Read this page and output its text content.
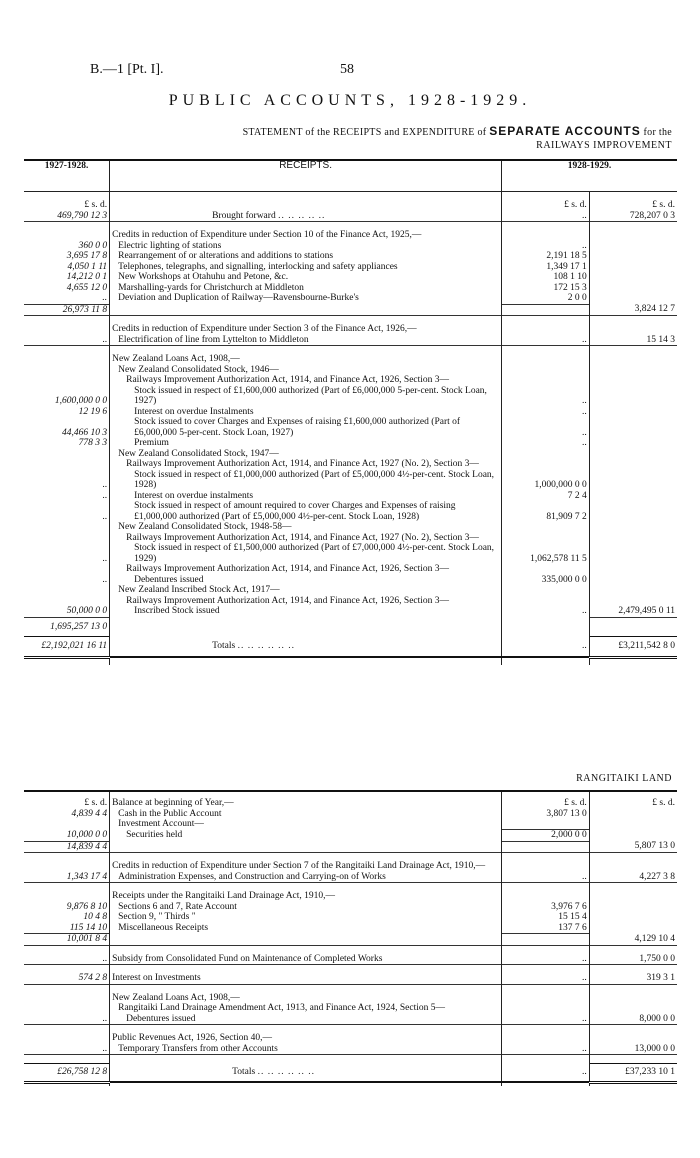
B.—1 [Pt. I].	58
PUBLIC ACCOUNTS, 1928-1929.
STATEMENT of the RECEIPTS and EXPENDITURE of SEPARATE ACCOUNTS for the
RAILWAYS IMPROVEMENT
1927-1928.	RECEIPTS.	1928-1929.	

£ s. d.		£ s. d.	£ s. d.
469,790 12 3	Brought forward .. .. .. .. ..	..	728,207 0 3

	Credits in reduction of Expenditure under Section 10 of the Finance Act, 1925,—		
360 0 0	Electric lighting of stations	..	
3,695 17 8	Rearrangement of or alterations and additions to stations	2,191 18 5	
4,050 1 11	Telephones, telegraphs, and signalling, interlocking and safety appliances	1,349 17 1	
14,212 0 1	New Workshops at Otahuhu and Petone, &c.	108 1 10	
4,655 12 0	Marshalling-yards for Christchurch at Middleton	172 15 3	
..	Deviation and Duplication of Railway—Ravensbourne-Burke's	2 0 0	
26,973 11 8			3,824 12 7

	Credits in reduction of Expenditure under Section 3 of the Finance Act, 1926,—		
..	Electrification of line from Lyttelton to Middleton	..	15 14 3

	New Zealand Loans Act, 1908,—		

	New Zealand Consolidated Stock, 1946—		

	Railways Improvement Authorization Act, 1914, and Finance Act, 1926, Section 3—		

1,600,000 0 0	Stock issued in respect of £1,600,000 authorized (Part of £6,000,000 5-per-cent. Stock Loan, 1927)	..	
12 19 6	Interest on overdue Instalments	..	
44,466 10 3	Stock issued to cover Charges and Expenses of raising £1,600,000 authorized (Part of £6,000,000 5-per-cent. Stock Loan, 1927)	..	
778 3 3	Premium	..	

	New Zealand Consolidated Stock, 1947—		

	Railways Improvement Authorization Act, 1914, and Finance Act, 1927 (No. 2), Section 3—		

..	Stock issued in respect of £1,000,000 authorized (Part of £5,000,000 4½-per-cent. Stock Loan, 1928)	1,000,000 0 0	
..	Interest on overdue instalments	7 2 4	
..	Stock issued in respect of amount required to cover Charges and Expenses of raising £1,000,000 authorized (Part of £5,000,000 4½-per-cent. Stock Loan, 1928)	81,909 7 2	

	New Zealand Consolidated Stock, 1948-58—		

	Railways Improvement Authorization Act, 1914, and Finance Act, 1927 (No. 2), Section 3—		

..	Stock issued in respect of £1,500,000 authorized (Part of £7,000,000 4½-per-cent. Stock Loan, 1929)	1,062,578 11 5	

	Railways Improvement Authorization Act, 1914, and Finance Act, 1926, Section 3—		

..	Debentures issued	335,000 0 0	

	New Zealand Inscribed Stock Act, 1917—		

	Railways Improvement Authorization Act, 1914, and Finance Act, 1926, Section 3—		

50,000 0 0	Inscribed Stock issued	..	2,479,495 0 11
1,695,257 13 0			
£2,192,021 16 11	Totals .. .. .. .. .. ..	..	£3,211,542 8 0

RANGITAIKI LAND

£ s. d.	Balance at beginning of Year,—	£ s. d.	£ s. d.
4,839 4 4	Cash in the Public Account	3,807 13 0	

	Investment Account—		

10,000 0 0	Securities held	2,000 0 0	
14,839 4 4			5,807 13 0

	Credits in reduction of Expenditure under Section 7 of the Rangitaiki Land Drainage Act, 1910,—		
1,343 17 4	Administration Expenses, and Construction and Carrying-on of Works	..	4,227 3 8

	Receipts under the Rangitaiki Land Drainage Act, 1910,—		
9,876 8 10	Sections 6 and 7, Rate Account	3,976 7 6	
10 4 8	Section 9, " Thirds "	15 15 4	
115 14 10	Miscellaneous Receipts	137 7 6	
10,001 8 4			4,129 10 4

..	Subsidy from Consolidated Fund on Maintenance of Completed Works	..	1,750 0 0

574 2 8	Interest on Investments	..	319 3 1

	New Zealand Loans Act, 1908,—		

	Rangitaiki Land Drainage Amendment Act, 1913, and Finance Act, 1924, Section 5—		

..	Debentures issued	..	8,000 0 0

	Public Revenues Act, 1926, Section 40,—		
..	Temporary Transfers from other Accounts	..	13,000 0 0

£26,758 12 8	Totals .. .. .. .. .. ..	..	£37,233 10 1
